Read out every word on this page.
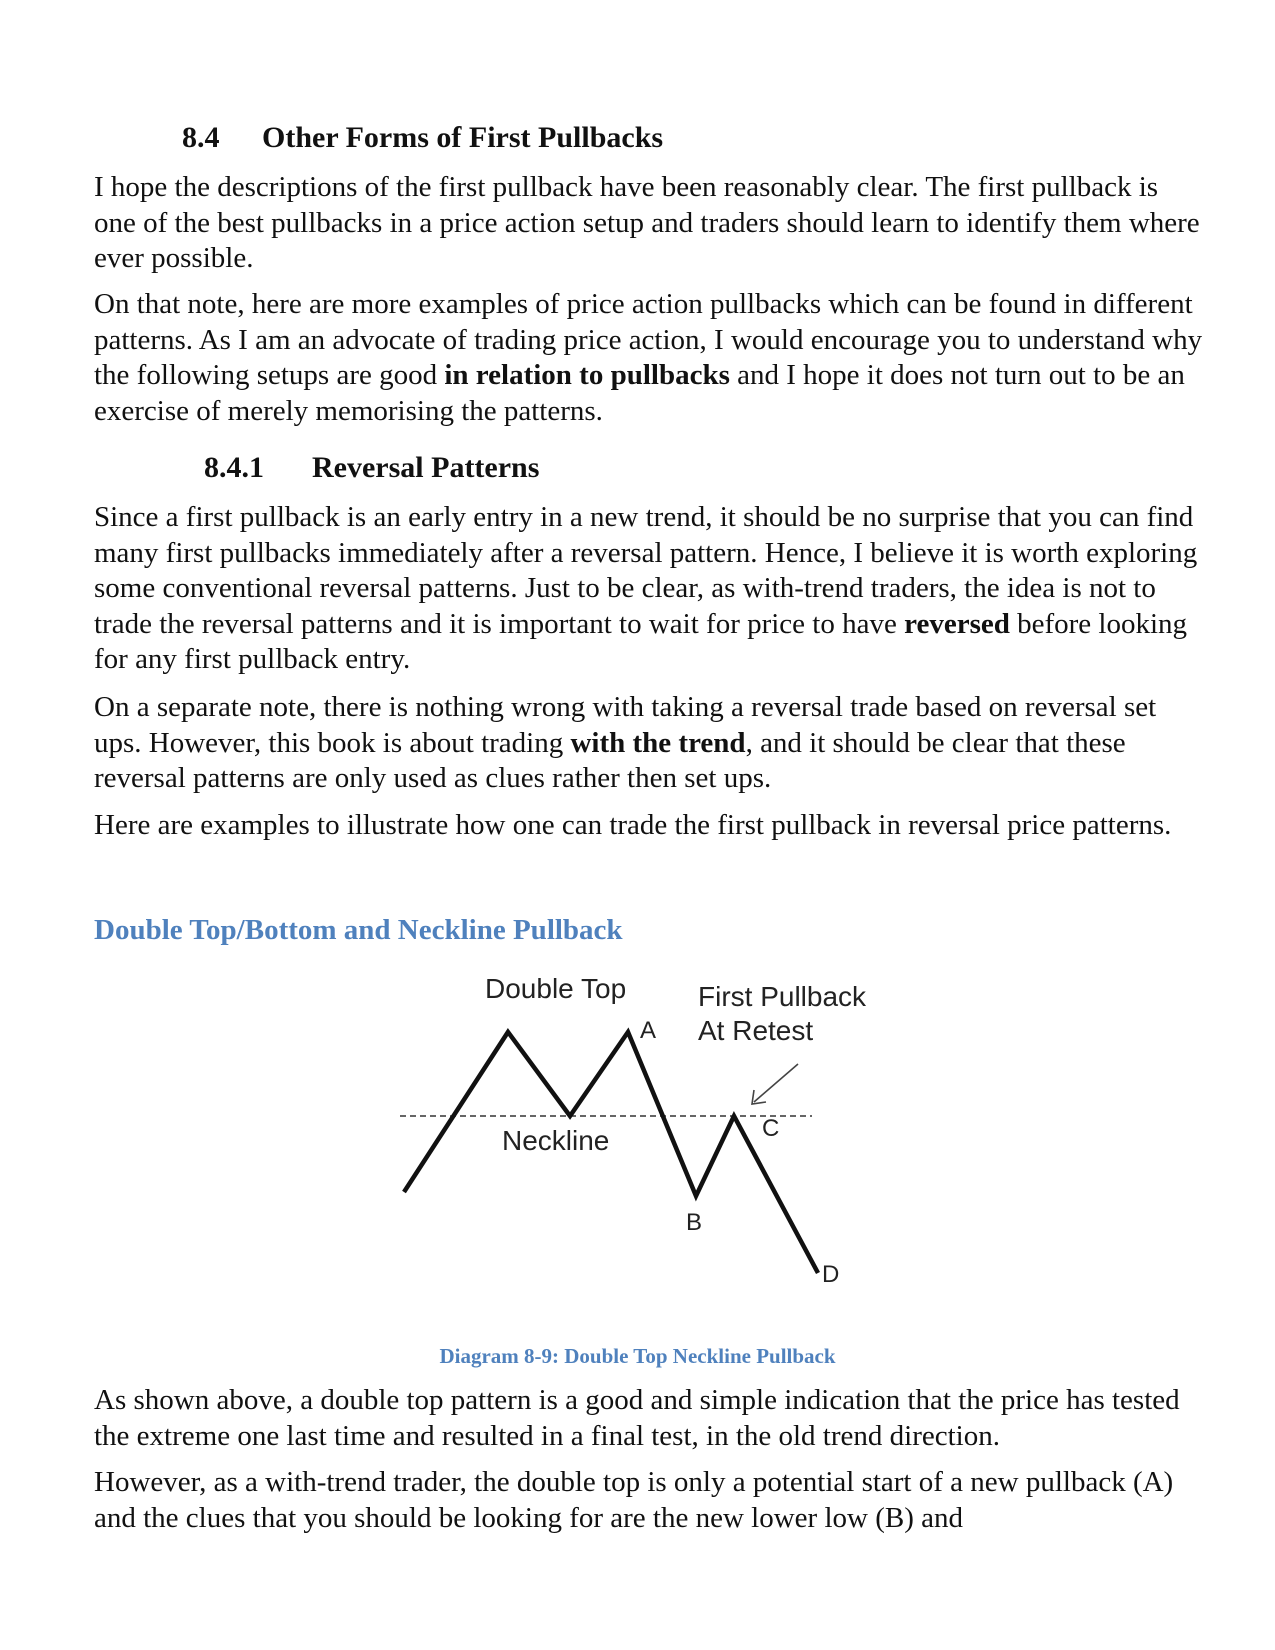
8.4 Other Forms of First Pullbacks

I hope the descriptions of the first pullback have been reasonably clear. The first pullback is one of the best pullbacks in a price action setup and traders should learn to identify them where ever possible.

On that note, here are more examples of price action pullbacks which can be found in different patterns. As I am an advocate of trading price action, I would encourage you to understand why the following setups are good in relation to pullbacks and I hope it does not turn out to be an exercise of merely memorising the patterns.

8.4.1 Reversal Patterns

Since a first pullback is an early entry in a new trend, it should be no surprise that you can find many first pullbacks immediately after a reversal pattern. Hence, I believe it is worth exploring some conventional reversal patterns. Just to be clear, as with-trend traders, the idea is not to trade the reversal patterns and it is important to wait for price to have reversed before looking for any first pullback entry.

On a separate note, there is nothing wrong with taking a reversal trade based on reversal set ups. However, this book is about trading with the trend, and it should be clear that these reversal patterns are only used as clues rather then set ups.

Here are examples to illustrate how one can trade the first pullback in reversal price patterns.

Double Top/Bottom and Neckline Pullback
Double Top	First Pullback
At Retest
Neckline
A
B
C
D
Diagram 8-9: Double Top Neckline Pullback

As shown above, a double top pattern is a good and simple indication that the price has tested the extreme one last time and resulted in a final test, in the old trend direction.

However, as a with-trend trader, the double top is only a potential start of a new pullback (A) and the clues that you should be looking for are the new lower low (B) and
